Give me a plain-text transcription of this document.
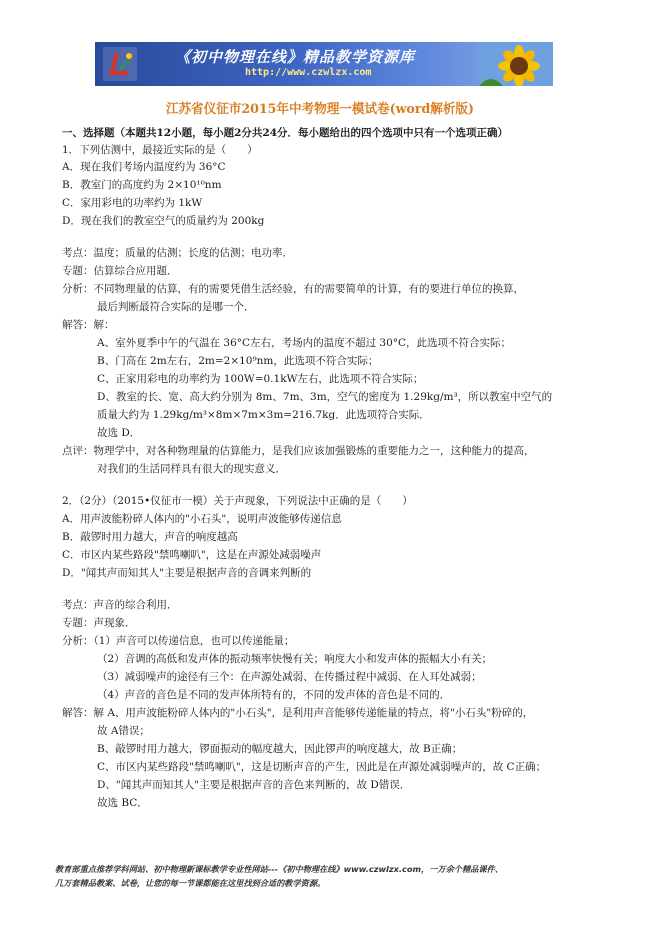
《初中物理在线》精品教学资源库
http://www.czwlzx.com
江苏省仪征市2015年中考物理一模试卷(word解析版)
一、选择题（本题共12小题，每小题2分共24分．每小题给出的四个选项中只有一个选项正确）
1．下列估测中，最接近实际的是（　　）
A．现在我们考场内温度约为 36°C
B．教室门的高度约为 2×10¹⁰nm
C．家用彩电的功率约为 1kW
D．现在我们的教室空气的质量约为 200kg
考点：温度；质量的估测；长度的估测；电功率．
专题：估算综合应用题．
分析：不同物理量的估算，有的需要凭借生活经验，有的需要简单的计算，有的要进行单位的换算，
最后判断最符合实际的是哪一个．
解答：解：
A、室外夏季中午的气温在 36°C左右，考场内的温度不超过 30°C，此选项不符合实际；
B、门高在 2m左右，2m=2×10⁹nm，此选项不符合实际；
C、正家用彩电的功率约为 100W=0.1kW左右，此选项不符合实际；
D、教室的长、宽、高大约分别为 8m、7m、3m，空气的密度为 1.29kg/m³，所以教室中空气的
质量大约为 1.29kg/m³×8m×7m×3m=216.7kg．此选项符合实际．
故选 D．
点评：物理学中，对各种物理量的估算能力，是我们应该加强锻炼的重要能力之一，这种能力的提高，
对我们的生活同样具有很大的现实意义．
2．（2分）（2015•仪征市一模）关于声现象，下列说法中正确的是（　　）
A．用声波能粉碎人体内的"小石头"，说明声波能够传递信息
B．敲锣时用力越大，声音的响度越高
C．市区内某些路段"禁鸣喇叭"，这是在声源处减弱噪声
D．"闻其声而知其人"主要是根据声音的音调来判断的
考点：声音的综合利用．
专题：声现象．
分析：（1）声音可以传递信息，也可以传递能量；
（2）音调的高低和发声体的振动频率快慢有关；响度大小和发声体的振幅大小有关；
（3）减弱噪声的途径有三个：在声源处减弱、在传播过程中减弱、在人耳处减弱；
（4）声音的音色是不同的发声体所特有的，不同的发声体的音色是不同的．
解答：解 A、用声波能粉碎人体内的"小石头"，是利用声音能够传递能量的特点，将"小石头"粉碎的，
故 A错误；
B、敲锣时用力越大，锣面振动的幅度越大，因此锣声的响度越大，故 B正确；
C、市区内某些路段"禁鸣喇叭"，这是切断声音的产生，因此是在声源处减弱噪声的，故 C正确；
D、"闻其声而知其人"主要是根据声音的音色来判断的，故 D错误．
故选 BC．
教育部重点推荐学科网站、初中物理新课标教学专业性网站---《初中物理在线》www.czwlzx.com，一万余个精品课件、
几万套精品教案、试卷，让您的每一节课都能在这里找到合适的教学资源。
